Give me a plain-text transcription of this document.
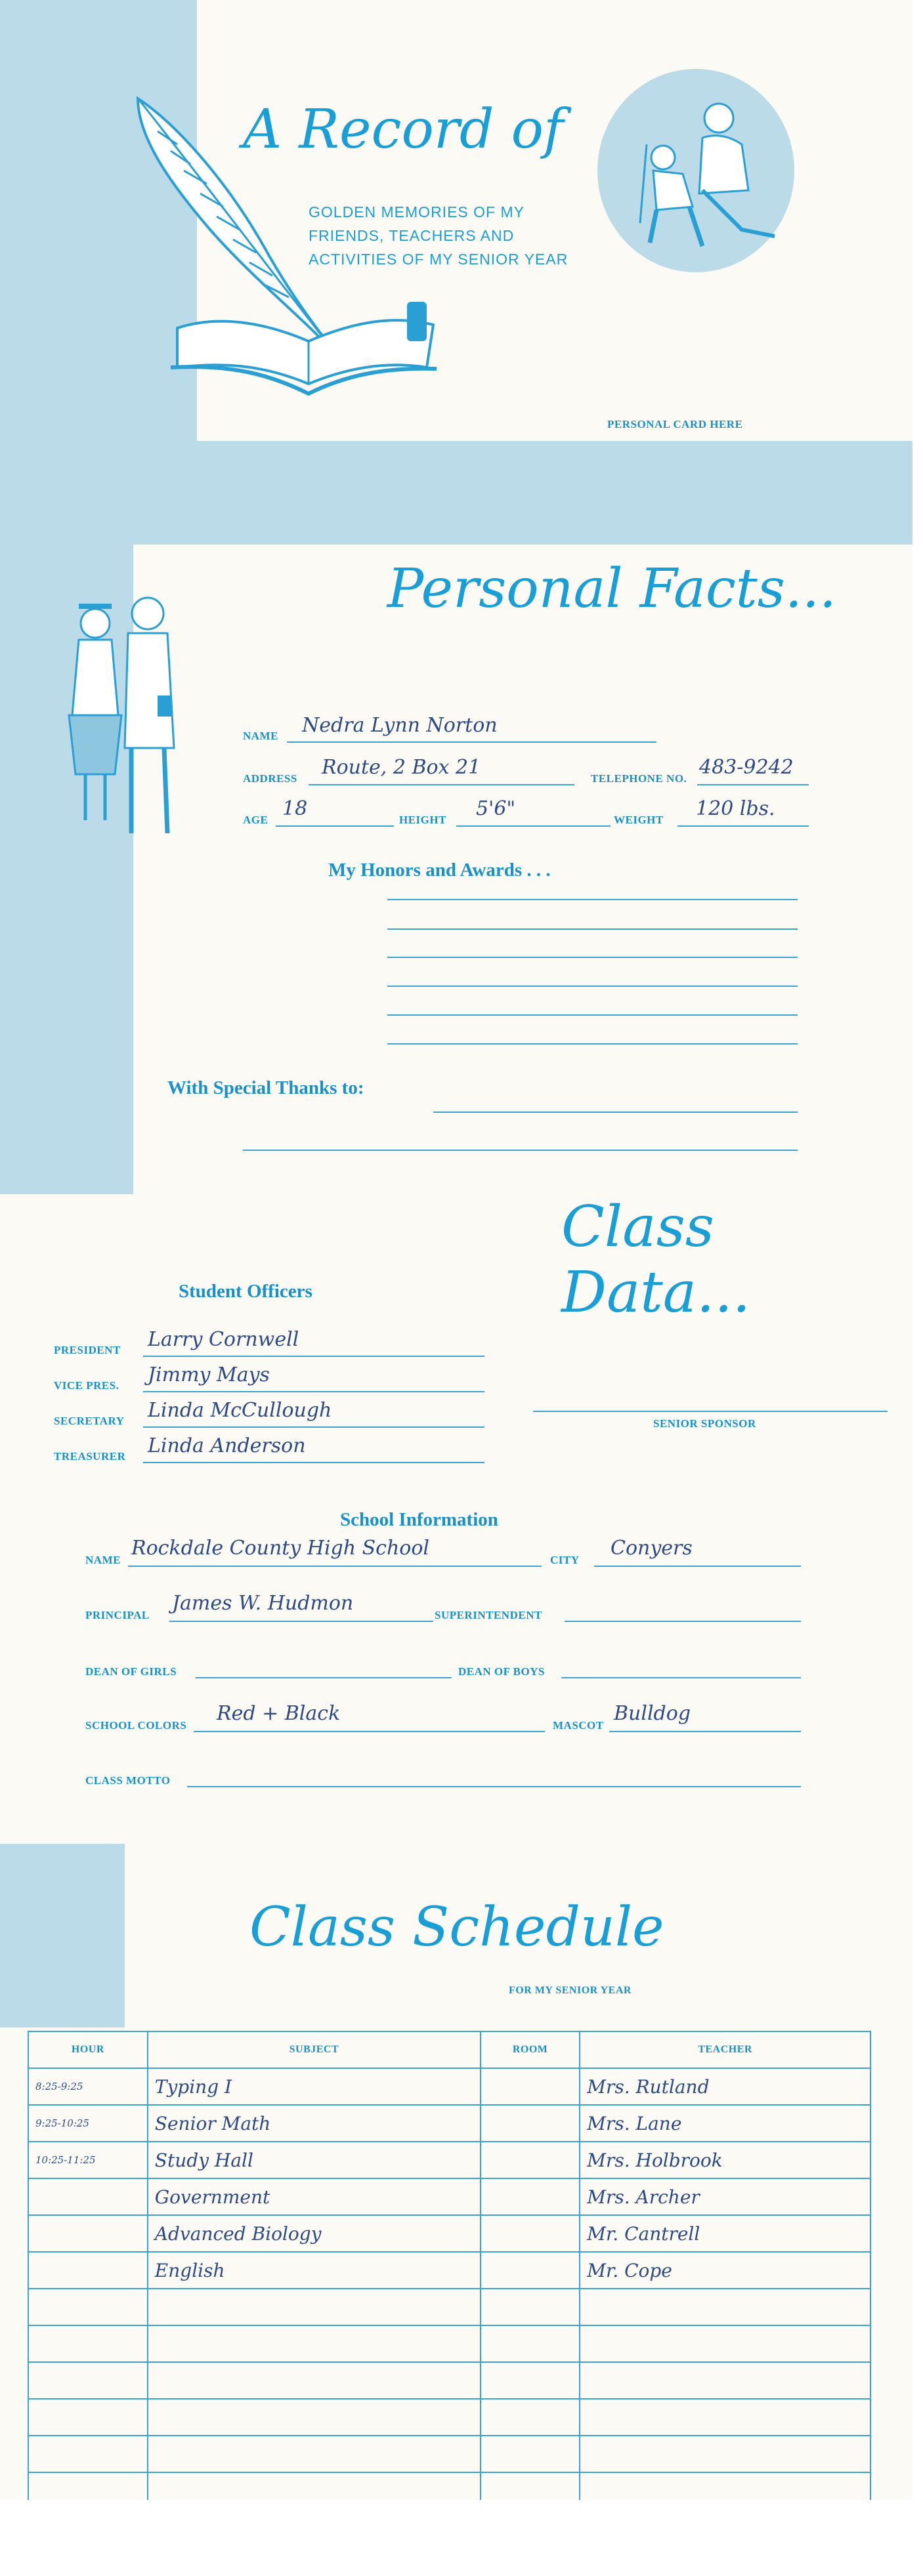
A Record of
GOLDEN MEMORIES OF MY
FRIENDS, TEACHERS AND
ACTIVITIES OF MY SENIOR YEAR
PERSONAL CARD HERE
Personal Facts...
NAME Nedra Lynn Norton
ADDRESS Route, 2 Box 21	TELEPHONE NO. 483-9242
AGE 18	HEIGHT 5'6"	WEIGHT 120 lbs.
My Honors and Awards . . .
With Special Thanks to:
Class Data...
Student Officers
PRESIDENT Larry Cornwell
VICE PRES. Jimmy Mays
SECRETARY Linda McCullough
TREASURER Linda Anderson
SENIOR SPONSOR
School Information
NAME
Rockdale County High School
CITY
Conyers
PRINCIPAL
James W. Hudmon
SUPERINTENDENT
DEAN OF GIRLS	DEAN OF BOYS
SCHOOL COLORS
Red + Black
MASCOT
Bulldog
CLASS MOTTO
Class Schedule
FOR MY SENIOR YEAR
HOUR	SUBJECT	ROOM	TEACHER
8:25-9:25	Typing I		Mrs. Rutland
9:25-10:25	Senior Math		Mrs. Lane
10:25-11:25	Study Hall		Mrs. Holbrook
	Government		Mrs. Archer
	Advanced Biology		Mr. Cantrell
	English		Mr. Cope
